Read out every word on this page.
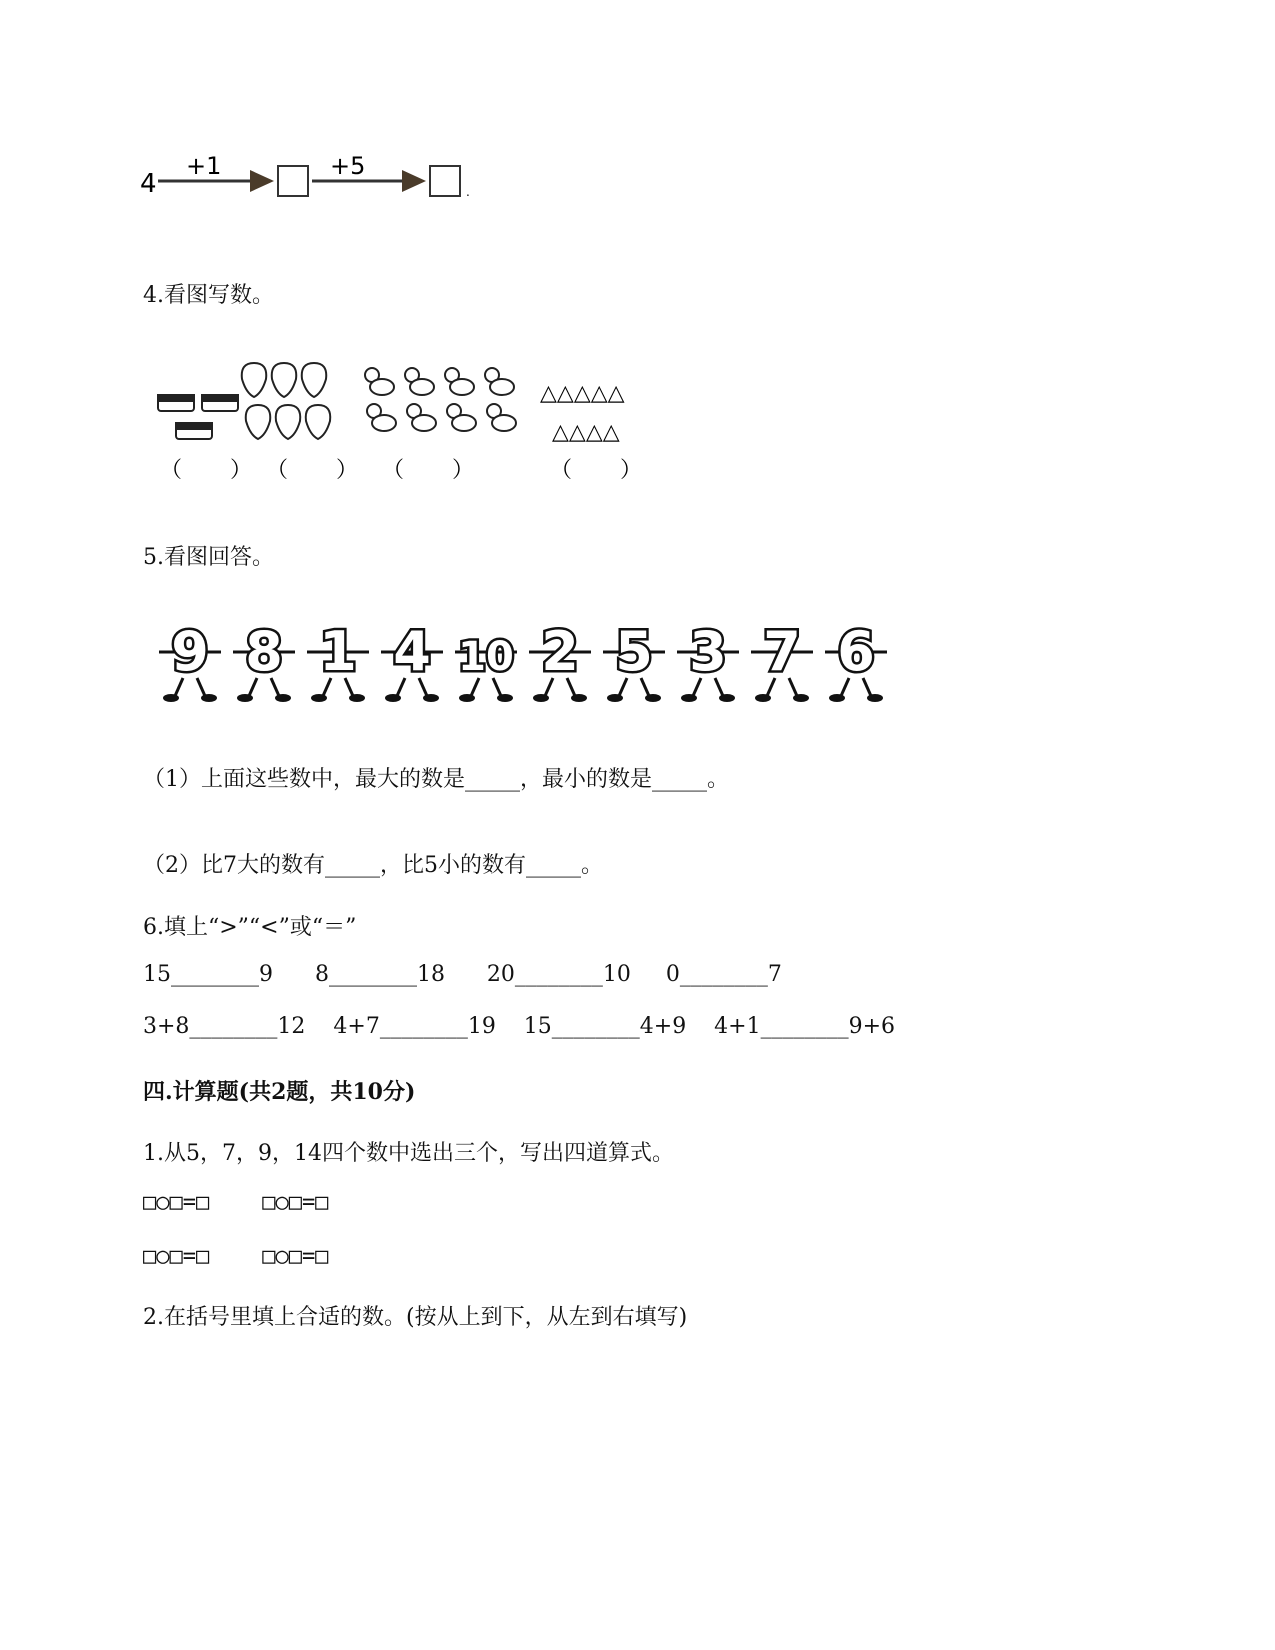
4
+1	+5
.
4.看图写数。
△△△△△
△△△△
（ ） （ ） （ ）	（ ）
5.看图回答。
9 8 1 4 10 2 5 3 7 6
（1）上面这些数中，最大的数是_____，最小的数是_____。
（2）比7大的数有_____，比5小的数有_____。
6.填上“>”“<”或“＝”
15________9      8________18      20________10     0________7
3+8________12    4+7________19    15________4+9    4+1________9+6
四.计算题(共2题，共10分)
1.从5，7，9，14四个数中选出三个，写出四道算式。
□○□=□    □○□=□
□○□=□    □○□=□
2.在括号里填上合适的数。(按从上到下，从左到右填写)
